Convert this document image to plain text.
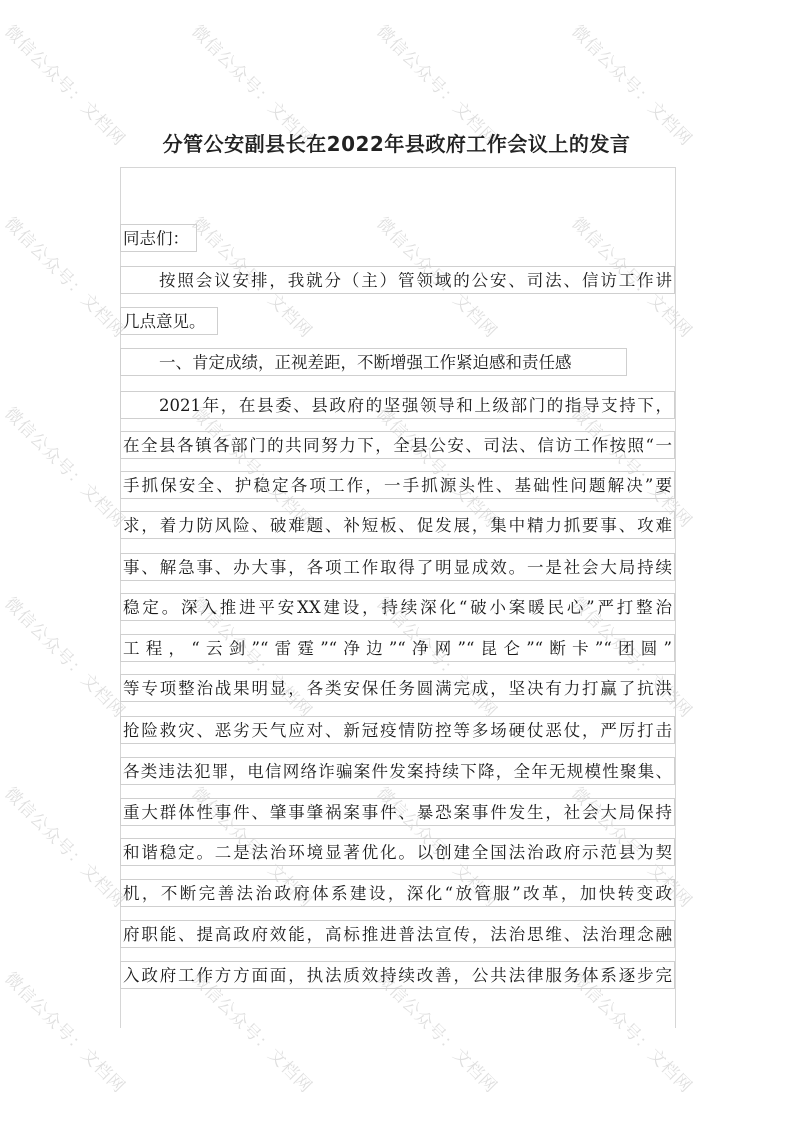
微信公众号：文档网	微信公众号：文档网	微信公众号：文档网	微信公众号：文档网
微信公众号：文档网	微信公众号：文档网	微信公众号：文档网	微信公众号：文档网
微信公众号：文档网	微信公众号：文档网	微信公众号：文档网	微信公众号：文档网
微信公众号：文档网	微信公众号：文档网	微信公众号：文档网	微信公众号：文档网
微信公众号：文档网	微信公众号：文档网	微信公众号：文档网	微信公众号：文档网
微信公众号：文档网	微信公众号：文档网	微信公众号：文档网	微信公众号：文档网
分管公安副县长在2022年县政府工作会议上的发言
同志们：
按照会议安排，我就分（主）管领域的公安、司法、信访工作讲
几点意见。
一、肯定成绩，正视差距，不断增强工作紧迫感和责任感
2021年，在县委、县政府的坚强领导和上级部门的指导支持下，
在全县各镇各部门的共同努力下，全县公安、司法、信访工作按照“一
手抓保安全、护稳定各项工作，一手抓源头性、基础性问题解决”要
求，着力防风险、破难题、补短板、促发展，集中精力抓要事、攻难
事、解急事、办大事，各项工作取得了明显成效。一是社会大局持续
稳定。深入推进平安XX建设，持续深化“破小案暖民心”严打整治
工程，“云剑”“雷霆”“净边”“净网”“昆仑”“断卡”“团圆”
等专项整治战果明显，各类安保任务圆满完成，坚决有力打赢了抗洪
抢险救灾、恶劣天气应对、新冠疫情防控等多场硬仗恶仗，严厉打击
各类违法犯罪，电信网络诈骗案件发案持续下降，全年无规模性聚集、
重大群体性事件、肇事肇祸案事件、暴恐案事件发生，社会大局保持
和谐稳定。二是法治环境显著优化。以创建全国法治政府示范县为契
机，不断完善法治政府体系建设，深化“放管服”改革，加快转变政
府职能、提高政府效能，高标推进普法宣传，法治思维、法治理念融
入政府工作方方面面，执法质效持续改善，公共法律服务体系逐步完
